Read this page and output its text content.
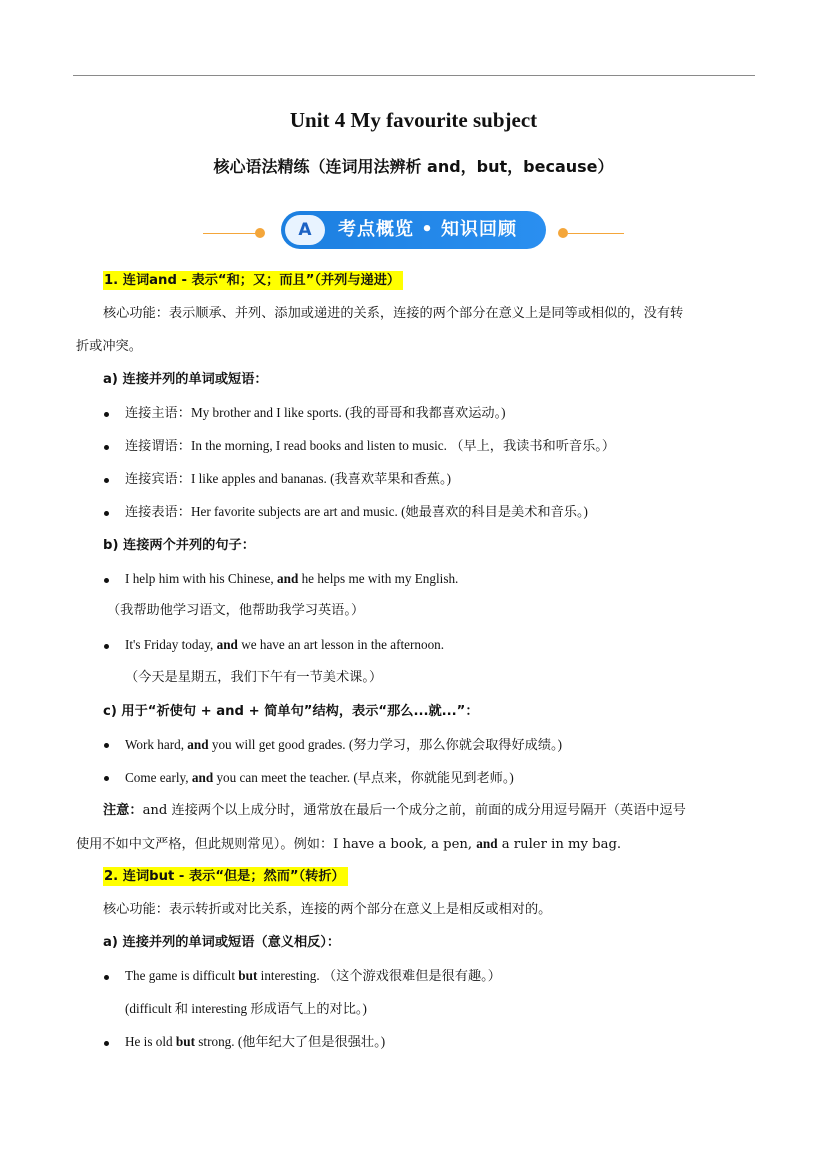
Unit 4 My favourite subject
核心语法精练（连词用法辨析 and，but，because）
A	考点概览 • 知识回顾
1. 连词and - 表示“和；又；而且”（并列与递进）
核心功能：表示顺承、并列、添加或递进的关系，连接的两个部分在意义上是同等或相似的，没有转
折或冲突。
a) 连接并列的单词或短语：
连接主语：My brother and I like sports. (我的哥哥和我都喜欢运动。)
连接谓语：In the morning, I read books and listen to music. （早上，我读书和听音乐。）
连接宾语：I like apples and bananas. (我喜欢苹果和香蕉。)
连接表语：Her favorite subjects are art and music. (她最喜欢的科目是美术和音乐。)
b) 连接两个并列的句子：
I help him with his Chinese, and he helps me with my English.
（我帮助他学习语文，他帮助我学习英语。）
It's Friday today, and we have an art lesson in the afternoon.
（今天是星期五，我们下午有一节美术课。）
c) 用于“祈使句 + and + 简单句”结构，表示“那么...就...”：
Work hard, and you will get good grades. (努力学习，那么你就会取得好成绩。)
Come early, and you can meet the teacher. (早点来，你就能见到老师。)
注意：and 连接两个以上成分时，通常放在最后一个成分之前，前面的成分用逗号隔开（英语中逗号
使用不如中文严格，但此规则常见）。例如：I have a book, a pen, and a ruler in my bag.
2. 连词but - 表示“但是；然而”（转折）
核心功能：表示转折或对比关系，连接的两个部分在意义上是相反或相对的。
a) 连接并列的单词或短语（意义相反）：
The game is difficult but interesting. （这个游戏很难但是很有趣。）
(difficult 和 interesting 形成语气上的对比。)
He is old but strong. (他年纪大了但是很强壮。)
